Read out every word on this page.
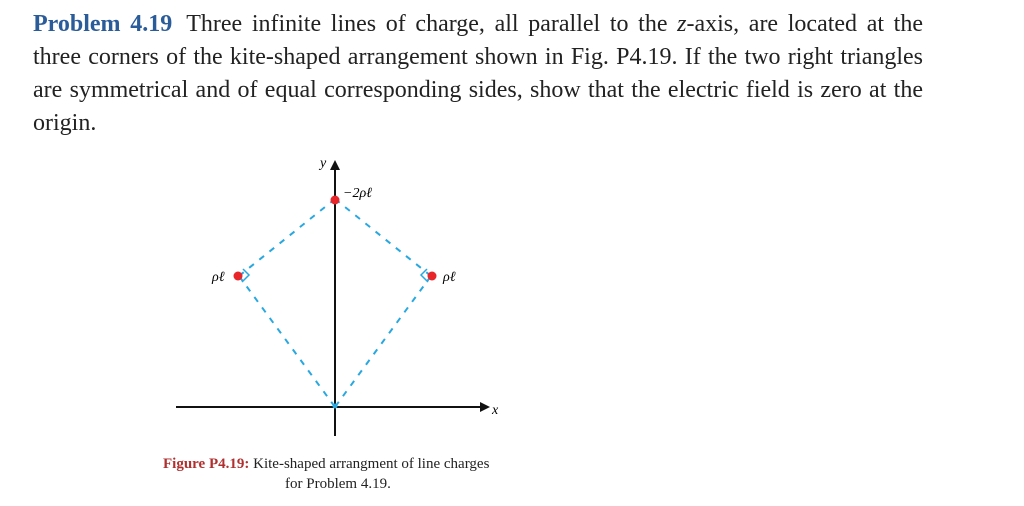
Problem 4.19 Three infinite lines of charge, all parallel to the z-axis, are located at the three corners of the kite-shaped arrangement shown in Fig. P4.19. If the two right triangles are symmetrical and of equal corresponding sides, show that the electric field is zero at the origin.
y
x
−2ρℓ
ρℓ	ρℓ
Figure P4.19: Kite-shaped arrangment of line charges
for Problem 4.19.
